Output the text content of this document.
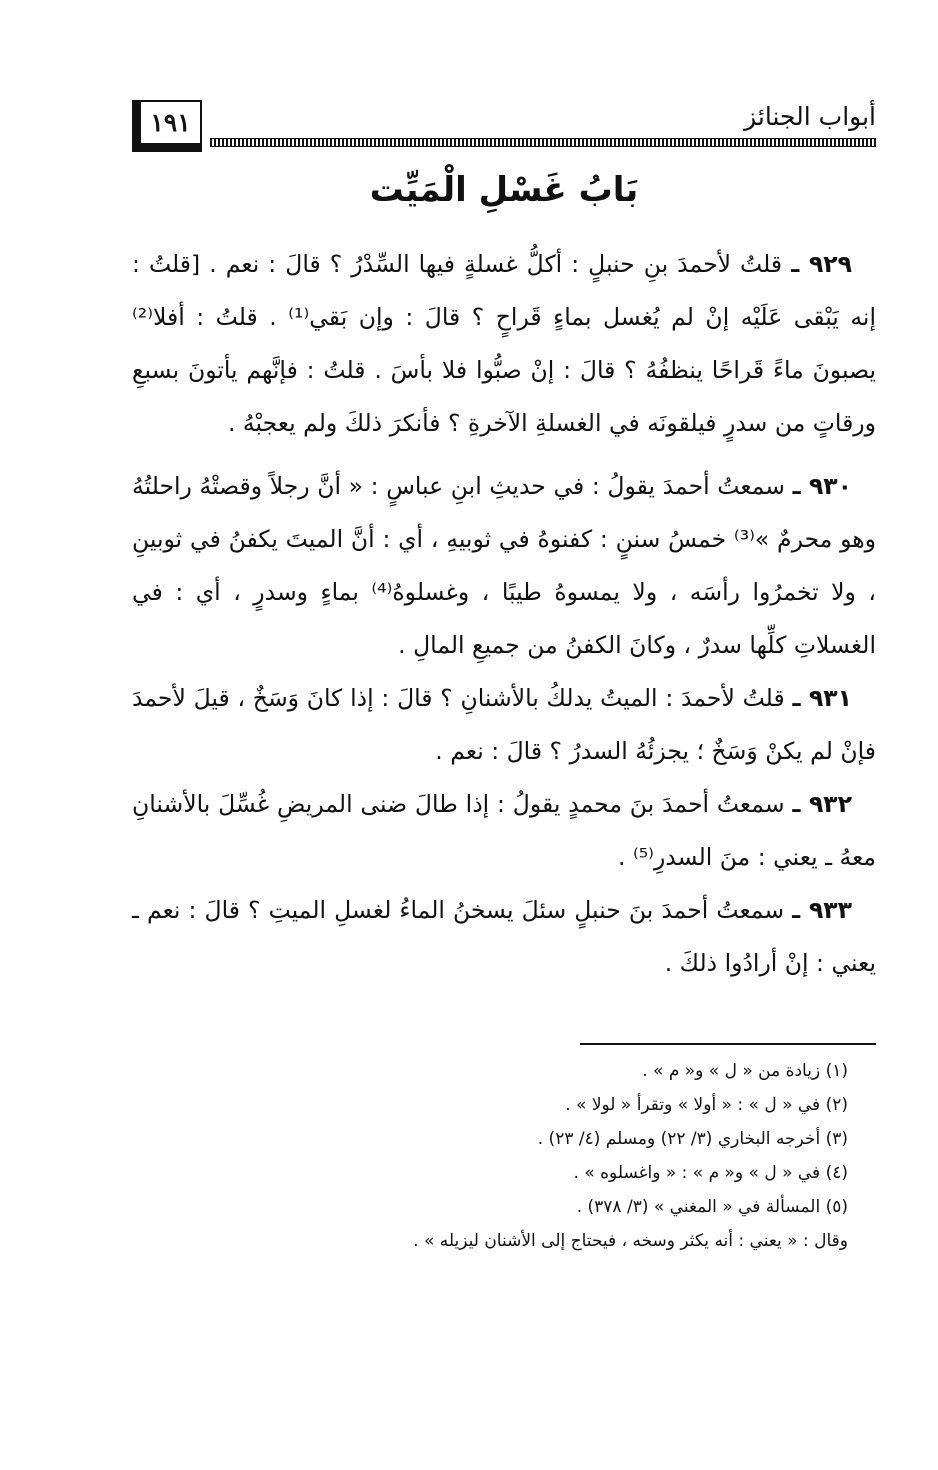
١٩١	أبواب الجنائز
بَابُ غَسْلِ الْمَيِّت

٩٢٩ ـ قلتُ لأحمدَ بنِ حنبلٍ : أكلُّ غسلةٍ فيها السِّدْرُ ؟ قالَ : نعم . [قلتُ : إنه يَبْقى عَلَيْه إنْ لم يُغسل بماءٍ قَراحٍ ؟ قالَ : وإن بَقي⁽¹⁾ . قلتُ : أفلا⁽²⁾ يصبونَ ماءً قَراحًا ينظفُهُ ؟ قالَ : إنْ صبُّوا فلا بأسَ . قلتُ : فإنَّهم يأتونَ بسبعِ ورقاتٍ من سدرٍ فيلقونَه في الغسلةِ الآخرةِ ؟ فأنكرَ ذلكَ ولم يعجبْهُ .

٩٣٠ ـ سمعتُ أحمدَ يقولُ : في حديثِ ابنِ عباسٍ : « أنَّ رجلاً وقصتْهُ راحلتُهُ وهو محرمٌ »⁽³⁾ خمسُ سننٍ : كفنوهُ في ثوبيهِ ، أي : أنَّ الميتَ يكفنُ في ثوبينِ ، ولا تخمرُوا رأسَه ، ولا يمسوهُ طيبًا ، وغسلوهُ⁽⁴⁾ بماءٍ وسدرٍ ، أي : في الغسلاتِ كلِّها سدرٌ ، وكانَ الكفنُ من جميعِ المالِ .

٩٣١ ـ قلتُ لأحمدَ : الميتُ يدلكُ بالأشنانِ ؟ قالَ : إذا كانَ وَسَخٌ ، قيلَ لأحمدَ فإنْ لم يكنْ وَسَخٌ ؛ يجزئُهُ السدرُ ؟ قالَ : نعم .

٩٣٢ ـ سمعتُ أحمدَ بنَ محمدٍ يقولُ : إذا طالَ ضنى المريضِ غُسِّلَ بالأشنانِ معهُ ـ يعني : منَ السدرِ⁽⁵⁾ .

٩٣٣ ـ سمعتُ أحمدَ بنَ حنبلٍ سئلَ يسخنُ الماءُ لغسلِ الميتِ ؟ قالَ : نعم ـ يعني : إنْ أرادُوا ذلكَ .

(١) زيادة من « ل » و« م » .

(٢) في « ل » : « أولا » وتقرأ « لولا » .

(٣) أخرجه البخاري (٣/ ٢٢) ومسلم (٤/ ٢٣) .

(٤) في « ل » و« م » : « واغسلوه » .

(٥) المسألة في « المغني » (٣/ ٣٧٨) .

وقال : « يعني : أنه يكثر وسخه ، فيحتاج إلى الأشنان ليزيله » .
